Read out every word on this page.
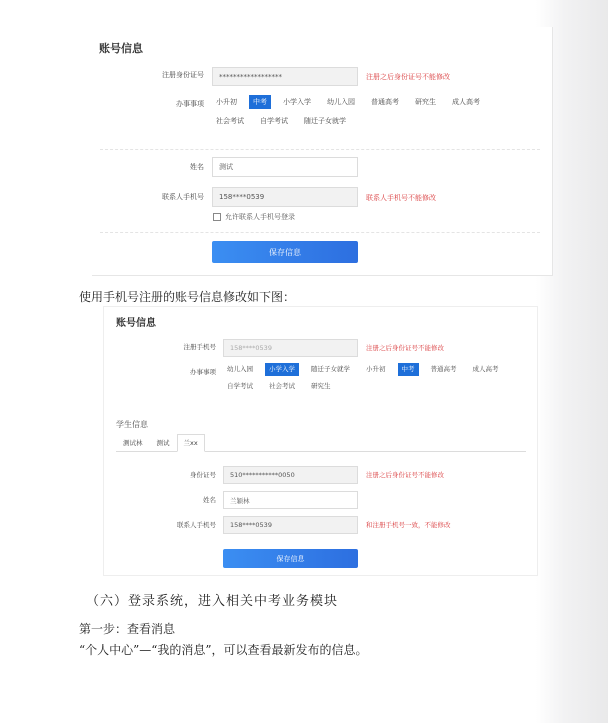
账号信息
注册身份证号	******************	注册之后身份证号不能修改
办事事项	小升初	中考	小学入学	幼儿入园	普通高考	研究生	成人高考
社会考试	自学考试	随迁子女就学
姓名	测试
联系人手机号	158****0539	联系人手机号不能修改
允许联系人手机号登录
保存信息
使用手机号注册的账号信息修改如下图：
账号信息
注册手机号	158****0539	注册之后身份证号不能修改
办事事项	幼儿入园	小学入学	随迁子女就学	小升初	中考	普通高考	成人高考
自学考试	社会考试	研究生
学生信息
测试林	测试	兰xx
身份证号	510***********0050	注册之后身份证号不能修改
姓名	兰颖林
联系人手机号	158****0539	和注册手机号一致，不能修改
保存信息
（六）登录系统，进入相关中考业务模块
第一步：查看消息
“个人中心”—“我的消息”，可以查看最新发布的信息。
